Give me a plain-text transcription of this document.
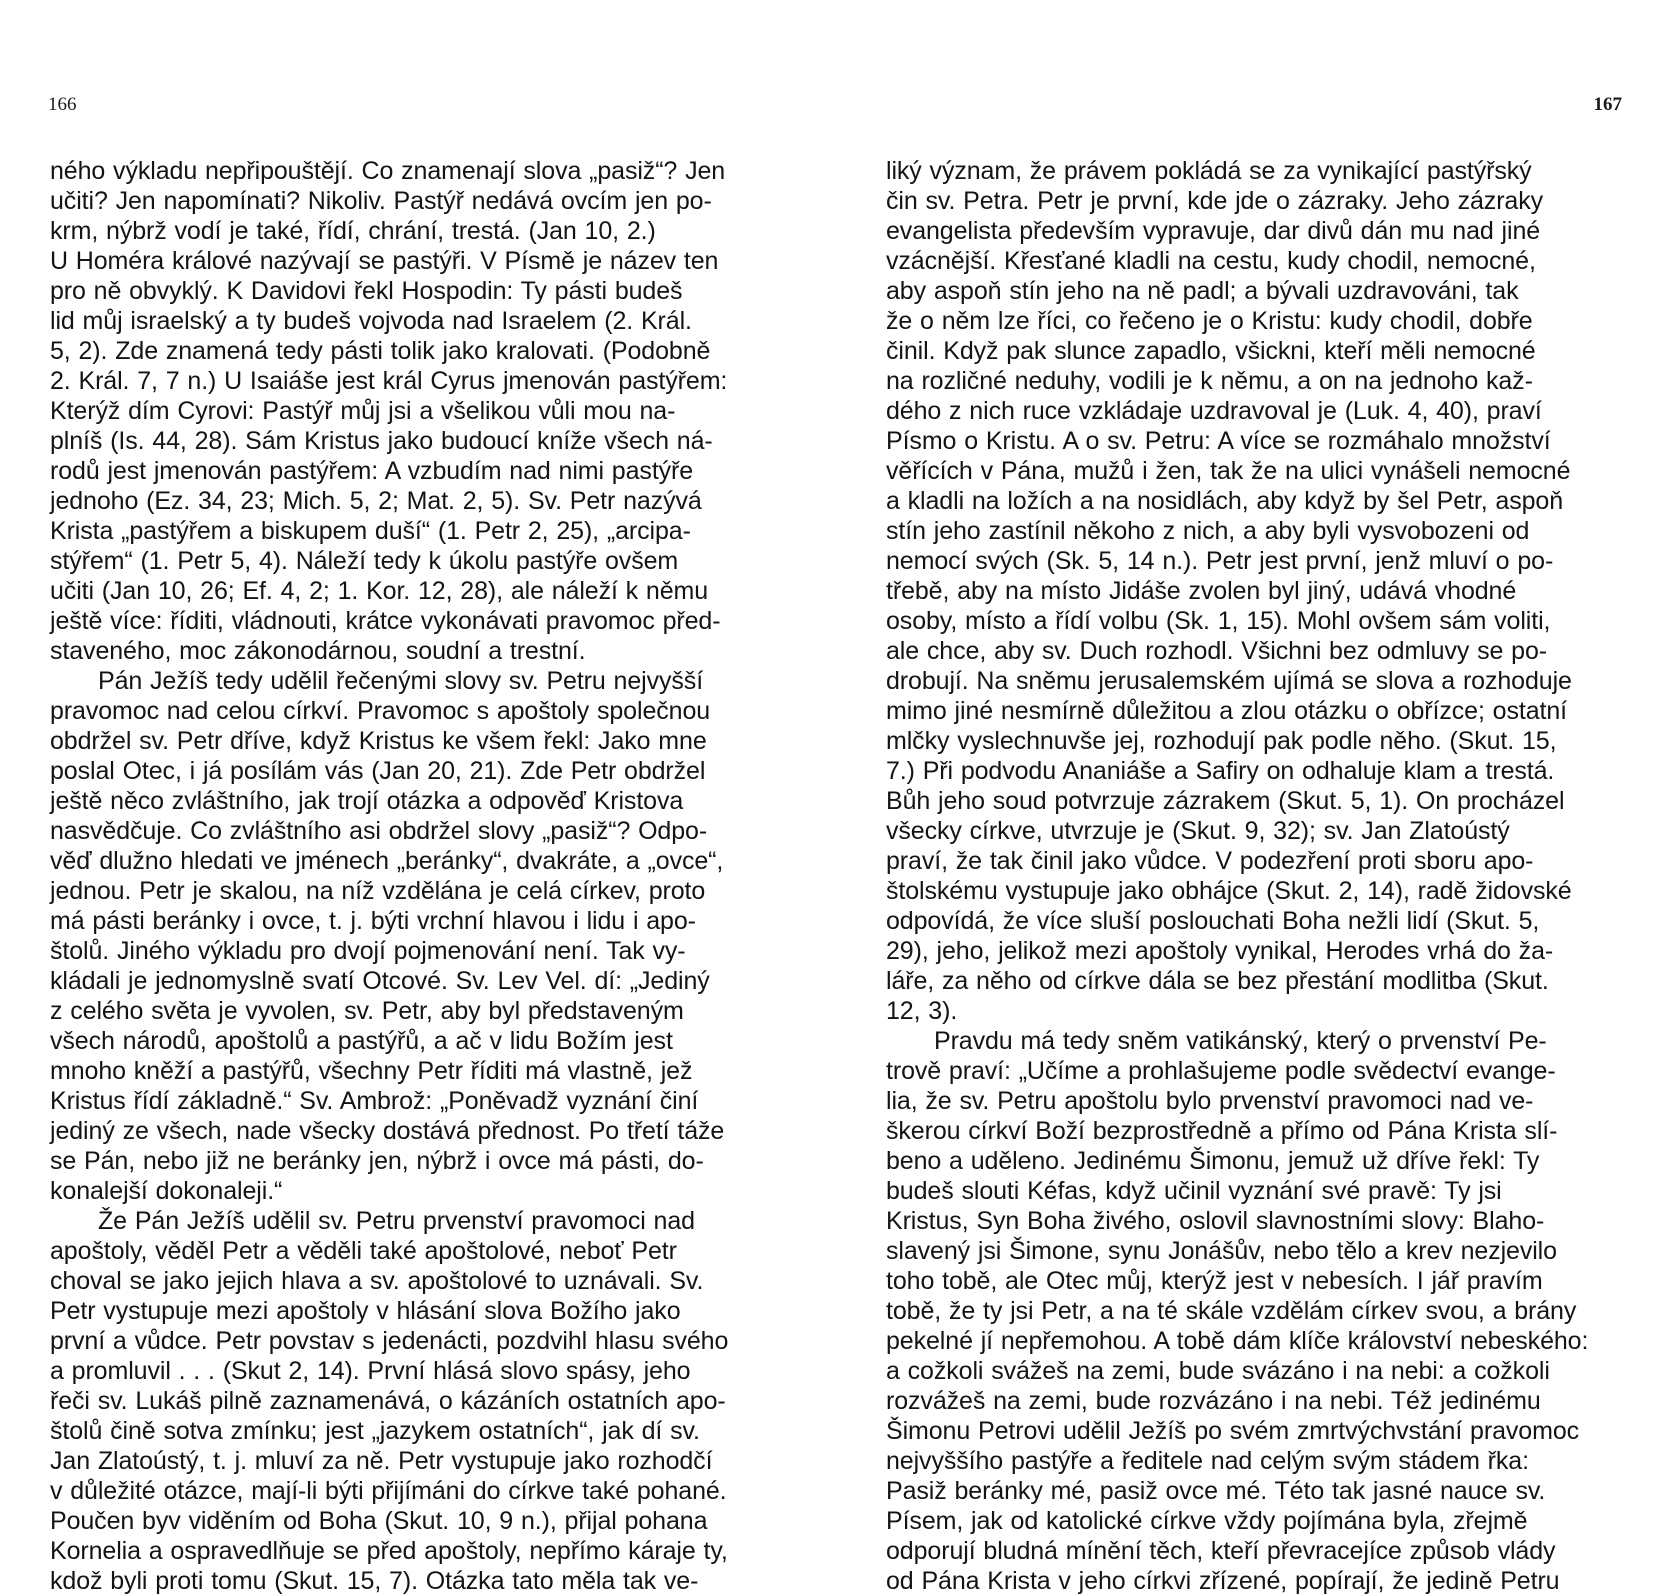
166
ného výkladu nepřipouštějí. Co znamenají slova „pasiž“? Jen
učiti? Jen napomínati? Nikoliv. Pastýř nedává ovcím jen po-
krm, nýbrž vodí je také, řídí, chrání, trestá. (Jan 10, 2.)
U Homéra králové nazývají se pastýři. V Písmě je název ten
pro ně obvyklý. K Davidovi řekl Hospodin: Ty pásti budeš
lid můj israelský a ty budeš vojvoda nad Israelem (2. Král.
5, 2). Zde znamená tedy pásti tolik jako kralovati. (Podobně
2. Král. 7, 7 n.) U Isaiáše jest král Cyrus jmenován pastýřem:
Kterýž dím Cyrovi: Pastýř můj jsi a všelikou vůli mou na-
plníš (Is. 44, 28). Sám Kristus jako budoucí kníže všech ná-
rodů jest jmenován pastýřem: A vzbudím nad nimi pastýře
jednoho (Ez. 34, 23; Mich. 5, 2; Mat. 2, 5). Sv. Petr nazývá
Krista „pastýřem a biskupem duší“ (1. Petr 2, 25), „arcipa-
stýřem“ (1. Petr 5, 4). Náleží tedy k úkolu pastýře ovšem
učiti (Jan 10, 26; Ef. 4, 2; 1. Kor. 12, 28), ale náleží k němu
ještě více: říditi, vládnouti, krátce vykonávati pravomoc před-
staveného, moc zákonodárnou, soudní a trestní.
Pán Ježíš tedy udělil řečenými slovy sv. Petru nejvyšší
pravomoc nad celou církví. Pravomoc s apoštoly společnou
obdržel sv. Petr dříve, když Kristus ke všem řekl: Jako mne
poslal Otec, i já posílám vás (Jan 20, 21). Zde Petr obdržel
ještě něco zvláštního, jak trojí otázka a odpověď Kristova
nasvědčuje. Co zvláštního asi obdržel slovy „pasiž“? Odpo-
věď dlužno hledati ve jménech „beránky“, dvakráte, a „ovce“,
jednou. Petr je skalou, na níž vzdělána je celá církev, proto
má pásti beránky i ovce, t. j. býti vrchní hlavou i lidu i apo-
štolů. Jiného výkladu pro dvojí pojmenování není. Tak vy-
kládali je jednomyslně svatí Otcové. Sv. Lev Vel. dí: „Jediný
z celého světa je vyvolen, sv. Petr, aby byl představeným
všech národů, apoštolů a pastýřů, a ač v lidu Božím jest
mnoho kněží a pastýřů, všechny Petr říditi má vlastně, jež
Kristus řídí základně.“ Sv. Ambrož: „Poněvadž vyznání činí
jediný ze všech, nade všecky dostává přednost. Po třetí táže
se Pán, nebo již ne beránky jen, nýbrž i ovce má pásti, do-
konalejší dokonaleji.“
Že Pán Ježíš udělil sv. Petru prvenství pravomoci nad
apoštoly, věděl Petr a věděli také apoštolové, neboť Petr
choval se jako jejich hlava a sv. apoštolové to uznávali. Sv.
Petr vystupuje mezi apoštoly v hlásání slova Božího jako
první a vůdce. Petr povstav s jedenácti, pozdvihl hlasu svého
a promluvil . . . (Skut 2, 14). První hlásá slovo spásy, jeho
řeči sv. Lukáš pilně zaznamenává, o kázáních ostatních apo-
štolů čině sotva zmínku; jest „jazykem ostatních“, jak dí sv.
Jan Zlatoústý, t. j. mluví za ně. Petr vystupuje jako rozhodčí
v důležité otázce, mají-li býti přijímáni do církve také pohané.
Poučen byv viděním od Boha (Skut. 10, 9 n.), přijal pohana
Kornelia a ospravedlňuje se před apoštoly, nepřímo káraje ty,
kdož byli proti tomu (Skut. 15, 7). Otázka tato měla tak ve-
167
liký význam, že právem pokládá se za vynikající pastýřský
čin sv. Petra. Petr je první, kde jde o zázraky. Jeho zázraky
evangelista především vypravuje, dar divů dán mu nad jiné
vzácnější. Křesťané kladli na cestu, kudy chodil, nemocné,
aby aspoň stín jeho na ně padl; a bývali uzdravováni, tak
že o něm lze říci, co řečeno je o Kristu: kudy chodil, dobře
činil. Když pak slunce zapadlo, všickni, kteří měli nemocné
na rozličné neduhy, vodili je k němu, a on na jednoho kaž-
dého z nich ruce vzkládaje uzdravoval je (Luk. 4, 40), praví
Písmo o Kristu. A o sv. Petru: A více se rozmáhalo množství
věřících v Pána, mužů i žen, tak že na ulici vynášeli nemocné
a kladli na ložích a na nosidlách, aby když by šel Petr, aspoň
stín jeho zastínil někoho z nich, a aby byli vysvobozeni od
nemocí svých (Sk. 5, 14 n.). Petr jest první, jenž mluví o po-
třebě, aby na místo Jidáše zvolen byl jiný, udává vhodné
osoby, místo a řídí volbu (Sk. 1, 15). Mohl ovšem sám voliti,
ale chce, aby sv. Duch rozhodl. Všichni bez odmluvy se po-
drobují. Na sněmu jerusalemském ujímá se slova a rozhoduje
mimo jiné nesmírně důležitou a zlou otázku o obřízce; ostatní
mlčky vyslechnuvše jej, rozhodují pak podle něho. (Skut. 15,
7.) Při podvodu Ananiáše a Safiry on odhaluje klam a trestá.
Bůh jeho soud potvrzuje zázrakem (Skut. 5, 1). On procházel
všecky církve, utvrzuje je (Skut. 9, 32); sv. Jan Zlatoústý
praví, že tak činil jako vůdce. V podezření proti sboru apo-
štolskému vystupuje jako obhájce (Skut. 2, 14), radě židovské
odpovídá, že více sluší poslouchati Boha nežli lidí (Skut. 5,
29), jeho, jelikož mezi apoštoly vynikal, Herodes vrhá do ža-
láře, za něho od církve dála se bez přestání modlitba (Skut.
12, 3).
Pravdu má tedy sněm vatikánský, který o prvenství Pe-
trově praví: „Učíme a prohlašujeme podle svědectví evange-
lia, že sv. Petru apoštolu bylo prvenství pravomoci nad ve-
škerou církví Boží bezprostředně a přímo od Pána Krista slí-
beno a uděleno. Jedinému Šimonu, jemuž už dříve řekl: Ty
budeš slouti Kéfas, když učinil vyznání své pravě: Ty jsi
Kristus, Syn Boha živého, oslovil slavnostními slovy: Blaho-
slavený jsi Šimone, synu Jonášův, nebo tělo a krev nezjevilo
toho tobě, ale Otec můj, kterýž jest v nebesích. I jář pravím
tobě, že ty jsi Petr, a na té skále vzdělám církev svou, a brány
pekelné jí nepřemohou. A tobě dám klíče království nebeského:
a cožkoli svážeš na zemi, bude svázáno i na nebi: a cožkoli
rozvážeš na zemi, bude rozvázáno i na nebi. Též jedinému
Šimonu Petrovi udělil Ježíš po svém zmrtvýchvstání pravomoc
nejvyššího pastýře a ředitele nad celým svým stádem řka:
Pasiž beránky mé, pasiž ovce mé. Této tak jasné nauce sv.
Písem, jak od katolické církve vždy pojímána byla, zřejmě
odporují bludná mínění těch, kteří převracejíce způsob vlády
od Pána Krista v jeho církvi zřízené, popírají, že jedině Petru
